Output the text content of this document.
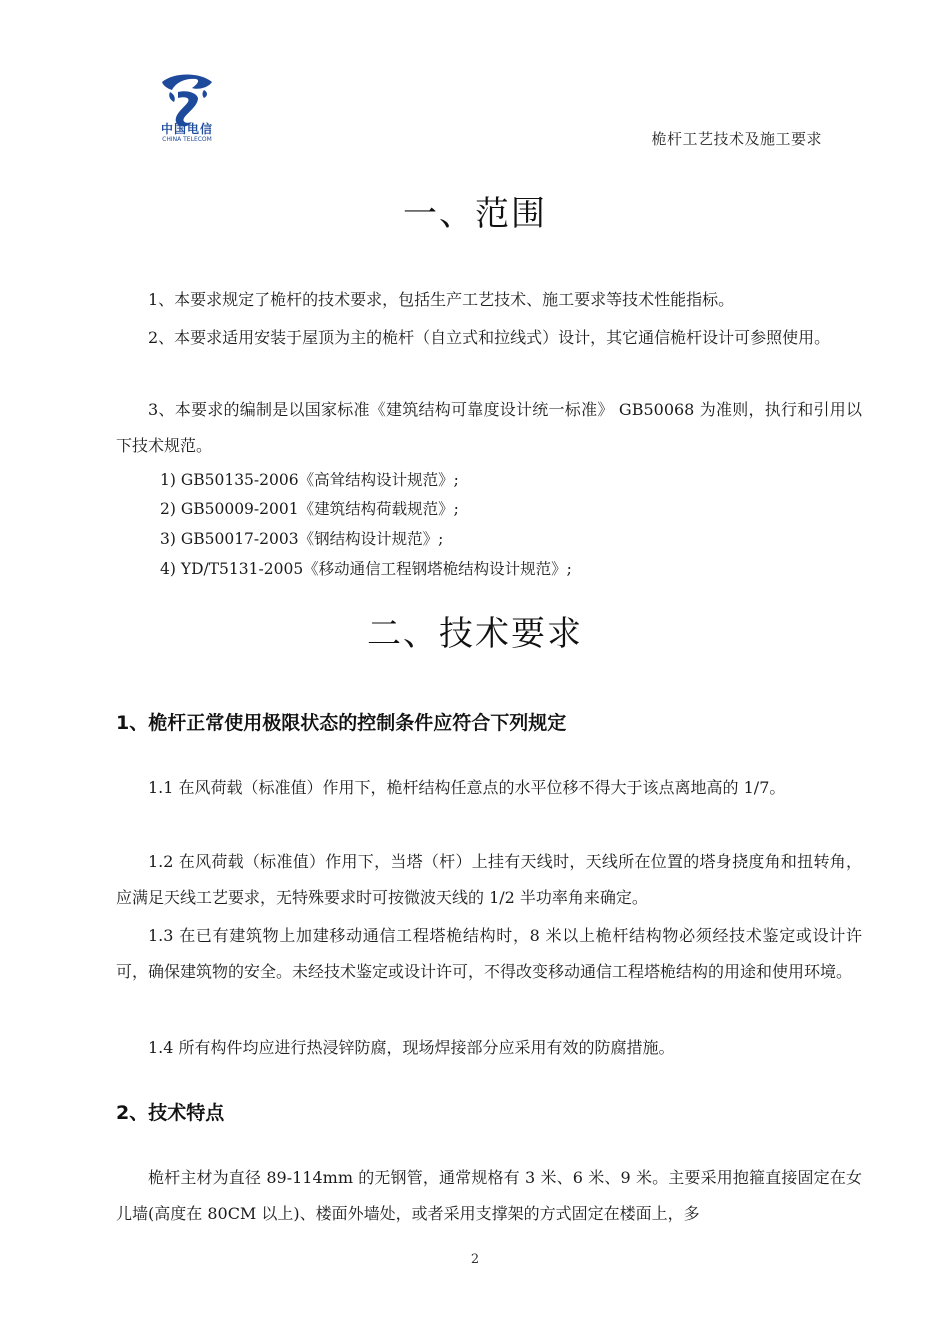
中国电信
CHINA TELECOM	桅杆工艺技术及施工要求
一、范围
1、本要求规定了桅杆的技术要求，包括生产工艺技术、施工要求等技术性能指标。
2、本要求适用安装于屋顶为主的桅杆（自立式和拉线式）设计，其它通信桅杆设计可参照使用。
3、本要求的编制是以国家标准《建筑结构可靠度设计统一标准》 GB50068 为准则，执行和引用以下技术规范。
1) GB50135-2006《高耸结构设计规范》;
2) GB50009-2001《建筑结构荷载规范》;
3) GB50017-2003《钢结构设计规范》;
4) YD/T5131-2005《移动通信工程钢塔桅结构设计规范》;
二、技术要求
1、桅杆正常使用极限状态的控制条件应符合下列规定
1.1 在风荷载（标准值）作用下，桅杆结构任意点的水平位移不得大于该点离地高的 1/7。
1.2 在风荷载（标准值）作用下，当塔（杆）上挂有天线时，天线所在位置的塔身挠度角和扭转角，应满足天线工艺要求，无特殊要求时可按微波天线的 1/2 半功率角来确定。
1.3 在已有建筑物上加建移动通信工程塔桅结构时，8 米以上桅杆结构物必须经技术鉴定或设计许可，确保建筑物的安全。未经技术鉴定或设计许可，不得改变移动通信工程塔桅结构的用途和使用环境。
1.4 所有构件均应进行热浸锌防腐，现场焊接部分应采用有效的防腐措施。
2、技术特点
桅杆主材为直径 89-114mm 的无钢管，通常规格有 3 米、6 米、9 米。主要采用抱箍直接固定在女儿墙(高度在 80CM 以上)、楼面外墙处，或者采用支撑架的方式固定在楼面上，多
2
